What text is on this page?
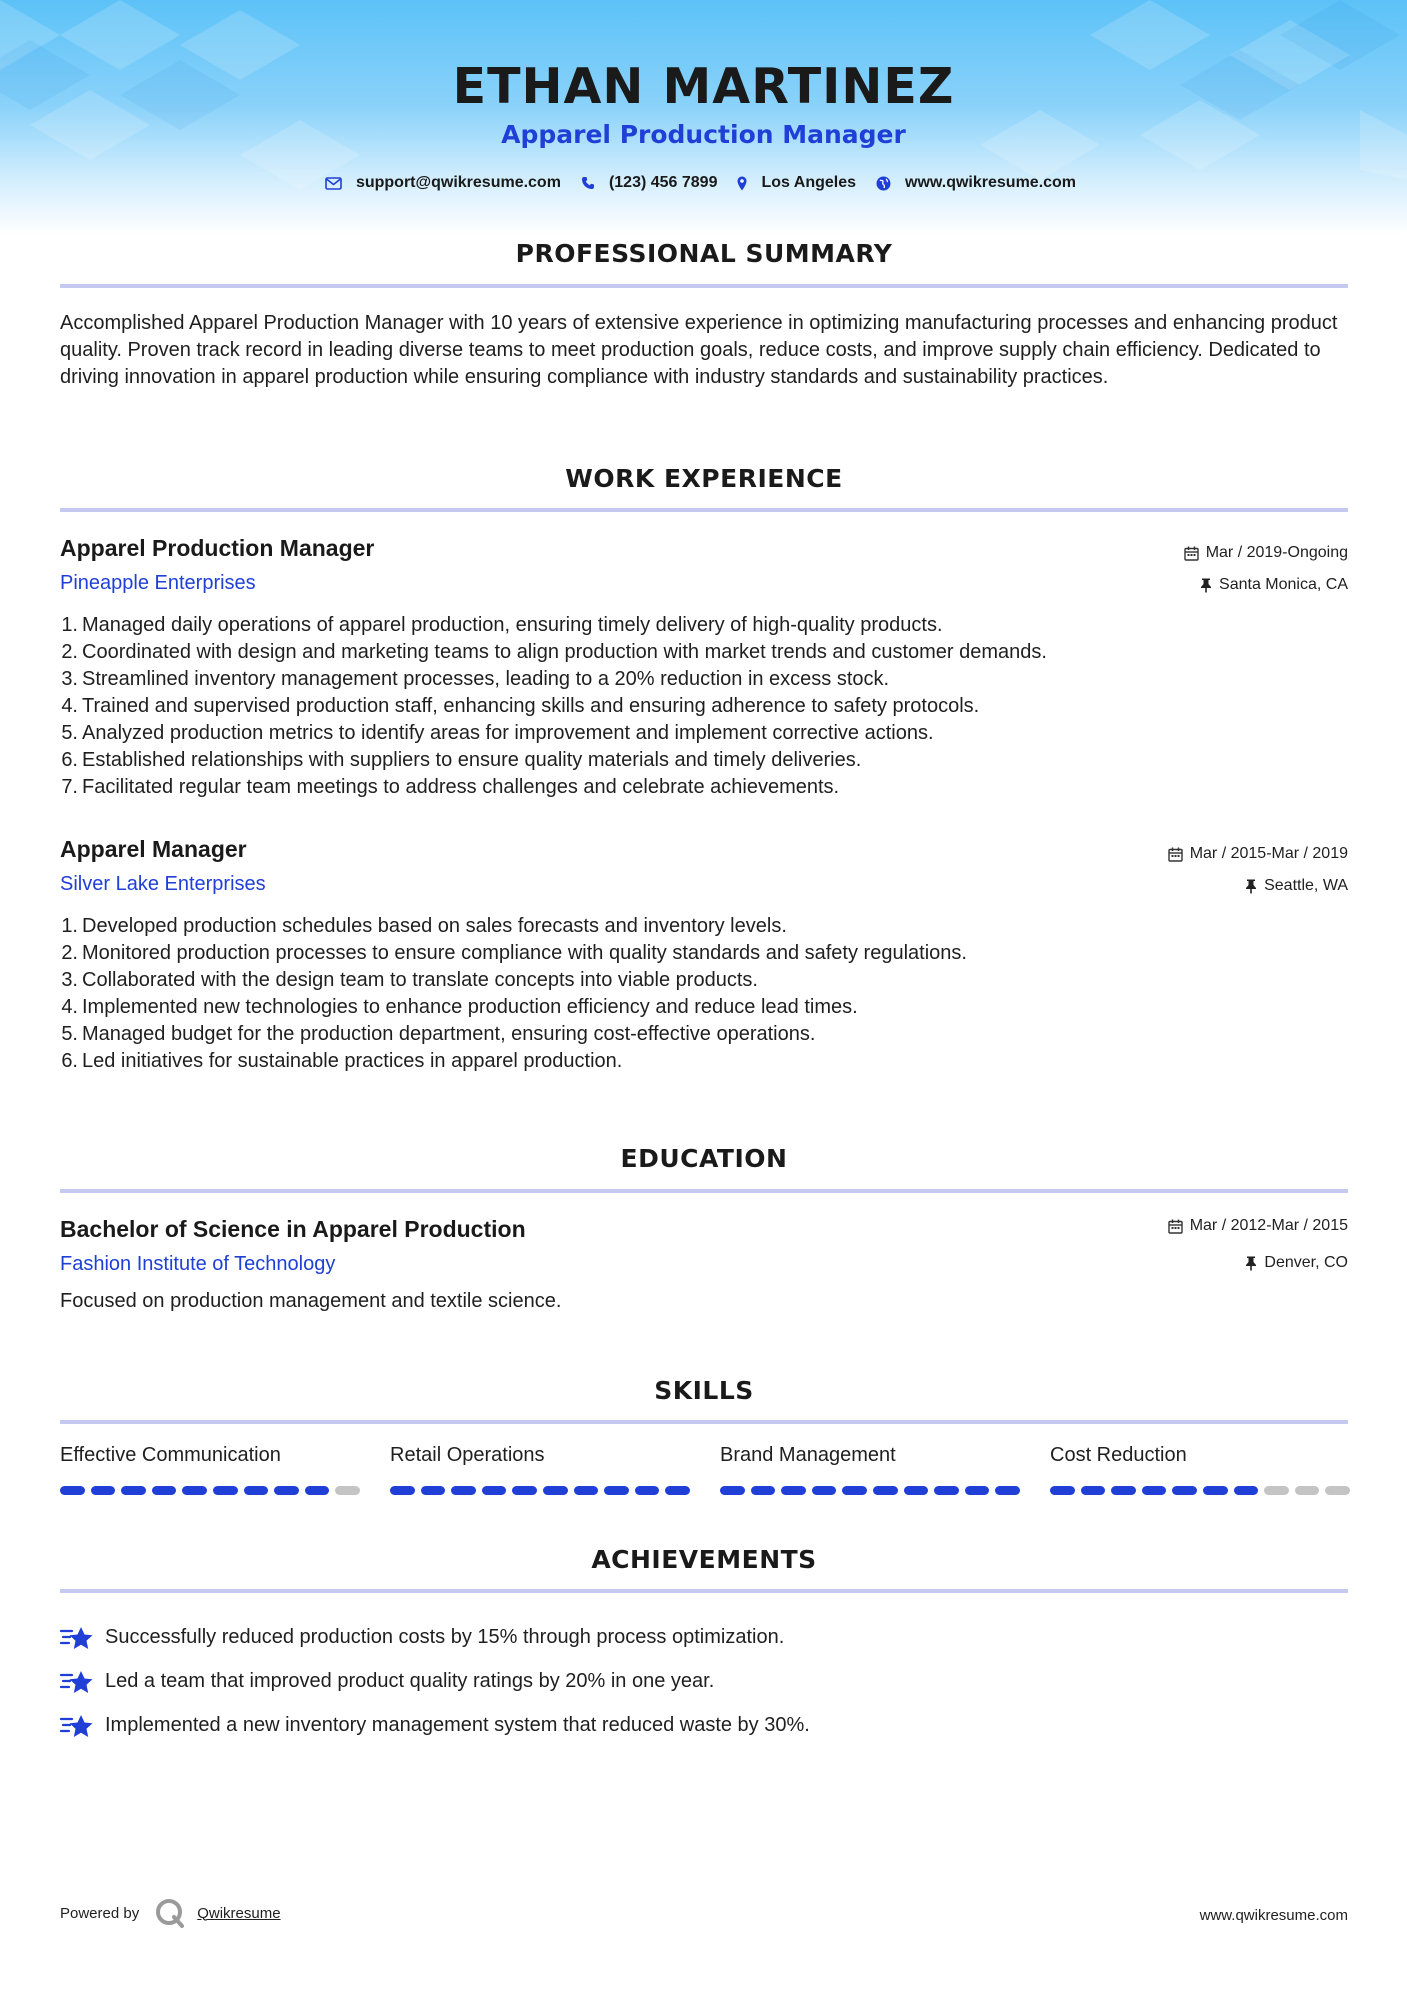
ETHAN MARTINEZ
Apparel Production Manager
support@qwikresume.com	(123) 456 7899	Los Angeles	www.qwikresume.com
PROFESSIONAL SUMMARY
Accomplished Apparel Production Manager with 10 years of extensive experience in optimizing manufacturing processes and enhancing product quality. Proven track record in leading diverse teams to meet production goals, reduce costs, and improve supply chain efficiency. Dedicated to driving innovation in apparel production while ensuring compliance with industry standards and sustainability practices.
WORK EXPERIENCE
Apparel Production Manager	Mar / 2019-Ongoing
Pineapple Enterprises	Santa Monica, CA
1. Managed daily operations of apparel production, ensuring timely delivery of high-quality products.
2. Coordinated with design and marketing teams to align production with market trends and customer demands.
3. Streamlined inventory management processes, leading to a 20% reduction in excess stock.
4. Trained and supervised production staff, enhancing skills and ensuring adherence to safety protocols.
5. Analyzed production metrics to identify areas for improvement and implement corrective actions.
6. Established relationships with suppliers to ensure quality materials and timely deliveries.
7. Facilitated regular team meetings to address challenges and celebrate achievements.
Apparel Manager	Mar / 2015-Mar / 2019
Silver Lake Enterprises	Seattle, WA
1. Developed production schedules based on sales forecasts and inventory levels.
2. Monitored production processes to ensure compliance with quality standards and safety regulations.
3. Collaborated with the design team to translate concepts into viable products.
4. Implemented new technologies to enhance production efficiency and reduce lead times.
5. Managed budget for the production department, ensuring cost-effective operations.
6. Led initiatives for sustainable practices in apparel production.
EDUCATION
Bachelor of Science in Apparel Production	Mar / 2012-Mar / 2015
Fashion Institute of Technology	Denver, CO
Focused on production management and textile science.
SKILLS
Effective Communication	Retail Operations	Brand Management	Cost Reduction
ACHIEVEMENTS
Successfully reduced production costs by 15% through process optimization.
Led a team that improved product quality ratings by 20% in one year.
Implemented a new inventory management system that reduced waste by 30%.
Powered by	Qwikresume	www.qwikresume.com
